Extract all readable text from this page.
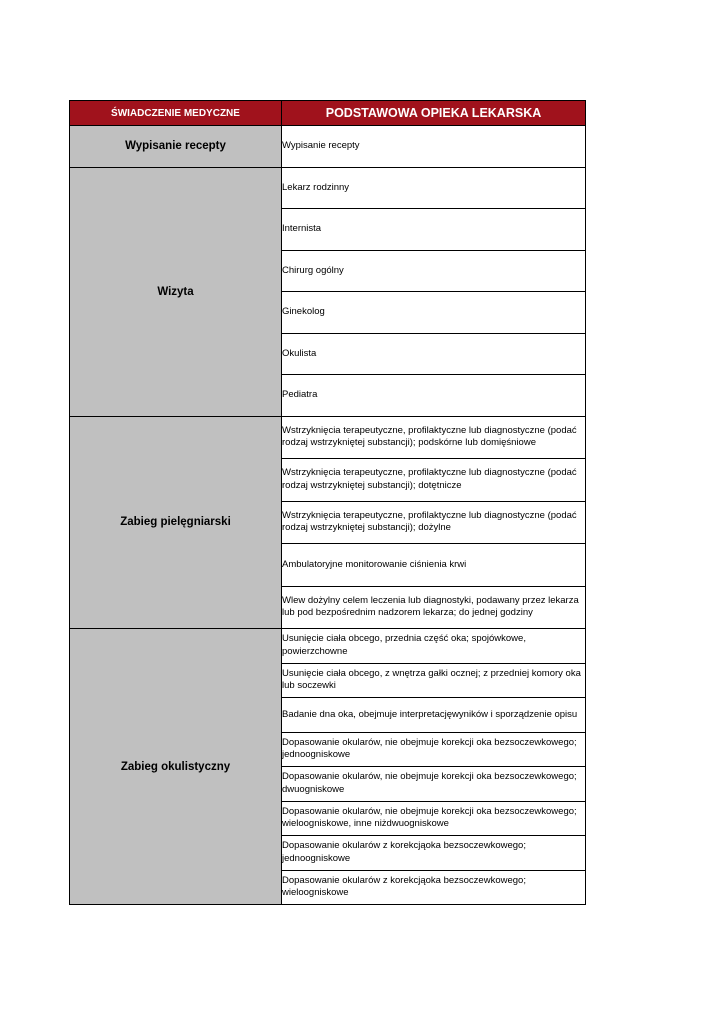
ŚWIADCZENIE MEDYCZNE	PODSTAWOWA OPIEKA LEKARSKA
Wypisanie recepty	Wypisanie recepty
Wizyta	Lekarz rodzinny
	Internista
	Chirurg ogólny
	Ginekolog
	Okulista
	Pediatra
Zabieg pielęgniarski	Wstrzyknięcia terapeutyczne, profilaktyczne lub diagnostyczne (podać rodzaj wstrzykniętej substancji); podskórne lub domięśniowe
	Wstrzyknięcia terapeutyczne, profilaktyczne lub diagnostyczne (podać rodzaj wstrzykniętej substancji); dotętnicze
	Wstrzyknięcia terapeutyczne, profilaktyczne lub diagnostyczne (podać rodzaj wstrzykniętej substancji); dożylne
	Ambulatoryjne monitorowanie ciśnienia krwi
	Wlew dożylny celem leczenia lub diagnostyki, podawany przez lekarza lub pod bezpośrednim nadzorem lekarza; do jednej godziny
Zabieg okulistyczny	Usunięcie ciała obcego, przednia część oka; spojówkowe, powierzchowne
	Usunięcie ciała obcego, z wnętrza gałki ocznej; z przedniej komory oka lub soczewki
	Badanie dna oka, obejmuje interpretacjęwyników i sporządzenie opisu
	Dopasowanie okularów, nie obejmuje korekcji oka bezsoczewkowego; jednoogniskowe
	Dopasowanie okularów, nie obejmuje korekcji oka bezsoczewkowego; dwuogniskowe
	Dopasowanie okularów, nie obejmuje korekcji oka bezsoczewkowego; wieloogniskowe, inne niżdwuogniskowe
	Dopasowanie okularów z korekcjąoka bezsoczewkowego; jednoogniskowe
	Dopasowanie okularów z korekcjąoka bezsoczewkowego; wieloogniskowe
